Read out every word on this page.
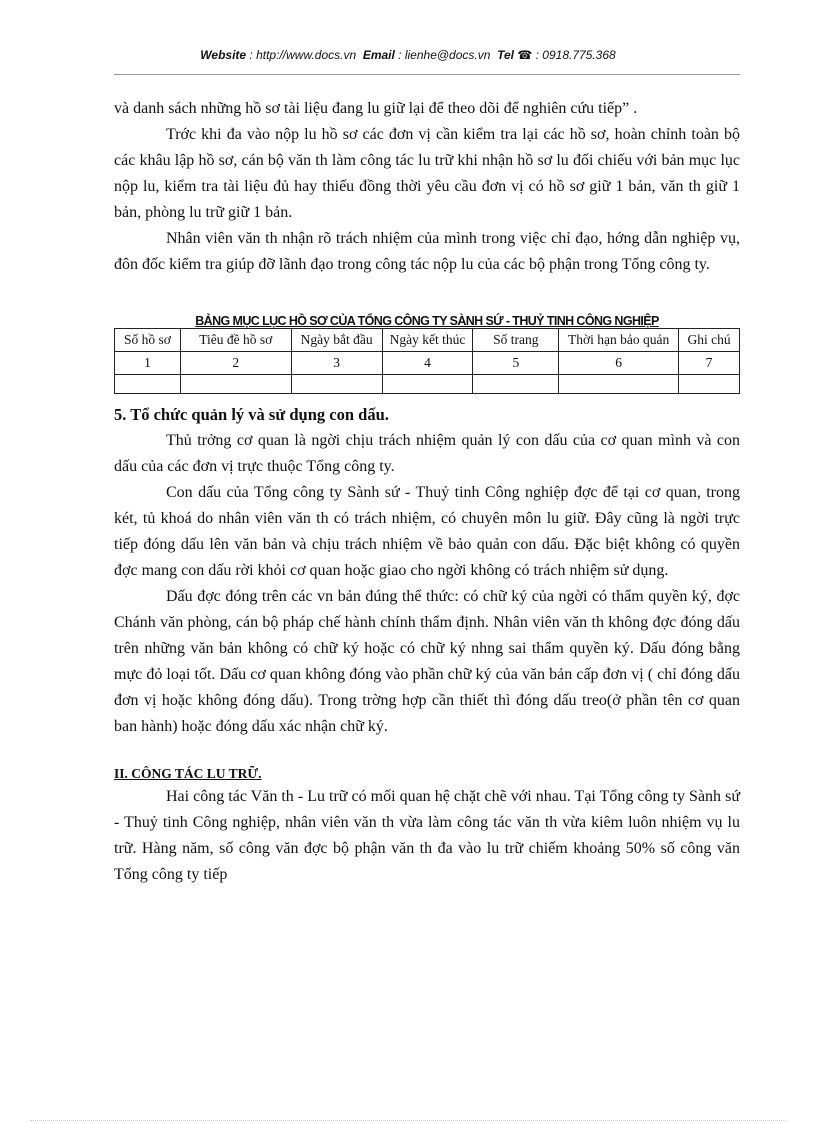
Website : http://www.docs.vn Email : lienhe@docs.vn Tel ☎ : 0918.775.368

và danh sách những hồ sơ tài liệu đang lu giữ lại để theo dõi để nghiên cứu tiếp” .

Trớc khi đa vào nộp lu hồ sơ các đơn vị cần kiểm tra lại các hồ sơ, hoàn chỉnh toàn bộ các khâu lập hồ sơ, cán bộ văn th làm công tác lu trữ khi nhận hồ sơ lu đối chiếu với bản mục lục nộp lu, kiểm tra tài liệu đủ hay thiếu đồng thời yêu cầu đơn vị có hồ sơ giữ 1 bản, văn th giữ 1 bản, phòng lu trữ giữ 1 bản.

Nhân viên văn th nhận rõ trách nhiệm của mình trong việc chỉ đạo, hớng dẫn nghiệp vụ, đôn đốc kiểm tra giúp đỡ lãnh đạo trong công tác nộp lu của các bộ phận trong Tổng công ty.

BẢNG MỤC LỤC HỒ SƠ CỦA TỔNG CÔNG TY SÀNH SỨ - THUỶ TINH CÔNG NGHIỆP
Số hồ sơ	Tiêu đề hồ sơ	Ngày bắt đầu	Ngày kết thúc	Số trang	Thời hạn bảo quản	Ghi chú
1	2	3	4	5	6	7

5. Tổ chức quản lý và sử dụng con dấu.

Thủ trởng cơ quan là ngời chịu trách nhiệm quản lý con dấu của cơ quan mình và con dấu của các đơn vị trực thuộc Tổng công ty.

Con dấu của Tổng công ty Sành sứ - Thuỷ tinh Công nghiệp đợc để tại cơ quan, trong két, tủ khoá do nhân viên văn th có trách nhiệm, có chuyên môn lu giữ. Đây cũng là ngời trực tiếp đóng dấu lên văn bản và chịu trách nhiệm về bảo quản con dấu. Đặc biệt không có quyền đợc mang con dấu rời khỏi cơ quan hoặc giao cho ngời không có trách nhiệm sử dụng.

Dấu đợc đóng trên các vn bản đúng thể thức: có chữ ký của ngời có thẩm quyền ký, đợc Chánh văn phòng, cán bộ pháp chế hành chính thẩm định. Nhân viên văn th không đợc đóng dấu trên những văn bản không có chữ ký hoặc có chữ ký nhng sai thẩm quyền ký. Dấu đóng bằng mực đỏ loại tốt. Dấu cơ quan không đóng vào phần chữ ký của văn bản cấp đơn vị ( chỉ đóng dấu đơn vị hoặc không đóng dấu). Trong trờng hợp cần thiết thì đóng dấu treo(ở phần tên cơ quan ban hành) hoặc đóng dấu xác nhận chữ ký.

II. CÔNG TÁC LU TRỮ.

Hai công tác Văn th - Lu trữ có mối quan hệ chặt chẽ với nhau. Tại Tổng công ty Sành sứ - Thuỷ tinh Công nghiệp, nhân viên văn th vừa làm công tác văn th vừa kiêm luôn nhiệm vụ lu trữ. Hàng năm, số công văn đợc bộ phận văn th đa vào lu trữ chiếm khoảng 50% số công văn Tổng công ty tiếp
